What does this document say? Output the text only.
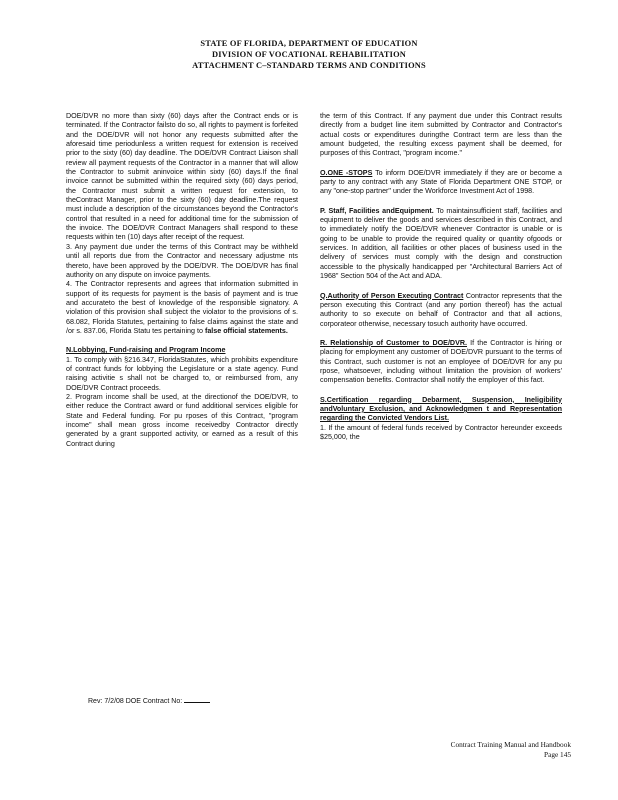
STATE OF FLORIDA, DEPARTMENT OF EDUCATION
DIVISION OF VOCATIONAL REHABILITATION
ATTACHMENT C–STANDARD TERMS AND CONDITIONS

DOE/DVR no more than sixty (60) days after the Contract ends or is terminated. If the Contractor failsto do so, all rights to payment is forfeited and the DOE/DVR will not honor any requests submitted after the aforesaid time periodunless a written request for extension is received prior to the sixty (60) day deadline. The DOE/DVR Contract Liaison shall review all payment requests of the Contractor in a manner that will allow the Contractor to submit aninvoice within sixty (60) days.If the final invoice cannot be submitted within the required sixty (60) days period, the Contractor must submit a written request for extension, to theContract Manager, prior to the sixty (60) day deadline.The request must include a description of the circumstances beyond the Contractor's control that resulted in a need for additional time for the submission of the invoice. The DOE/DVR Contract Managers shall respond to these requests within ten (10) days after receipt of the request.

3. Any payment due under the terms of this Contract may be withheld until all reports due from the Contractor and necessary adjustme nts thereto, have been approved by the DOE/DVR. The DOE/DVR has final authority on any dispute on invoice payments.

4. The Contractor represents and agrees that information submitted in support of its requests for payment is the basis of payment and is true and accurateto the best of knowledge of the responsible signatory. A violation of this provision shall subject the violator to the provisions of s. 68.082, Florida Statutes, pertaining to false claims against the state and /or s. 837.06, Florida Statu tes pertaining to false official statements.

N.Lobbying, Fund-raising and Program Income

1. To comply with §216.347, FloridaStatutes, which prohibits expenditure of contract funds for lobbying the Legislature or a state agency. Fund raising activitie s shall not be charged to, or reimbursed from, any DOE/DVR Contract proceeds.

2. Program income shall be used, at the directionof the DOE/DVR, to either reduce the Contract award or fund additional services eligible for State and Federal funding. For pu rposes of this Contract, "program income" shall mean gross income receivedby Contractor directly generated by a grant supported activity, or earned as a result of this Contract during

the term of this Contract. If any payment due under this Contract results directly from a budget line item submitted by Contractor and Contractor's actual costs or expenditures duringthe Contract term are less than the amount budgeted, the resulting excess payment shall be deemed, for purposes of this Contract, "program income."

O.ONE -STOPS To inform DOE/DVR immediately if they are or become a party to any contract with any State of Florida Department ONE STOP, or any "one-stop partner" under the Workforce Investment Act of 1998.

P. Staff, Facilities andEquipment. To maintainsufficient staff, facilities and equipment to deliver the goods and services described in this Contract, and to immediately notify the DOE/DVR whenever Contractor is unable or is going to be unable to provide the required quality or quantity ofgoods or services. In addition, all facilities or other places of business used in the delivery of services must comply with the design and construction accessible to the physically handicapped per "Architectural Barriers Act of 1968" Section 504 of the Act and ADA.

Q.Authority of Person Executing Contract Contractor represents that the person executing this Contract (and any portion thereof) has the actual authority to so execute on behalf of Contractor and that all actions, corporateor otherwise, necessary tosuch authority have occurred.

R. Relationship of Customer to DOE/DVR. If the Contractor is hiring or placing for employment any customer of DOE/DVR pursuant to the terms of this Contract, such customer is not an employee of DOE/DVR for any pu rpose, whatsoever, including without limitation the provision of workers' compensation benefits. Contractor shall notify the employer of this fact.

S.Certification regarding Debarment, Suspension, Ineligibility andVoluntary Exclusion, and Acknowledgmen t and Representation regarding the Convicted Vendors List.

1. If the amount of federal funds received by Contractor hereunder exceeds $25,000, the

Rev: 7/2/08 DOE Contract No:
Contract Training Manual and Handbook
Page 145
